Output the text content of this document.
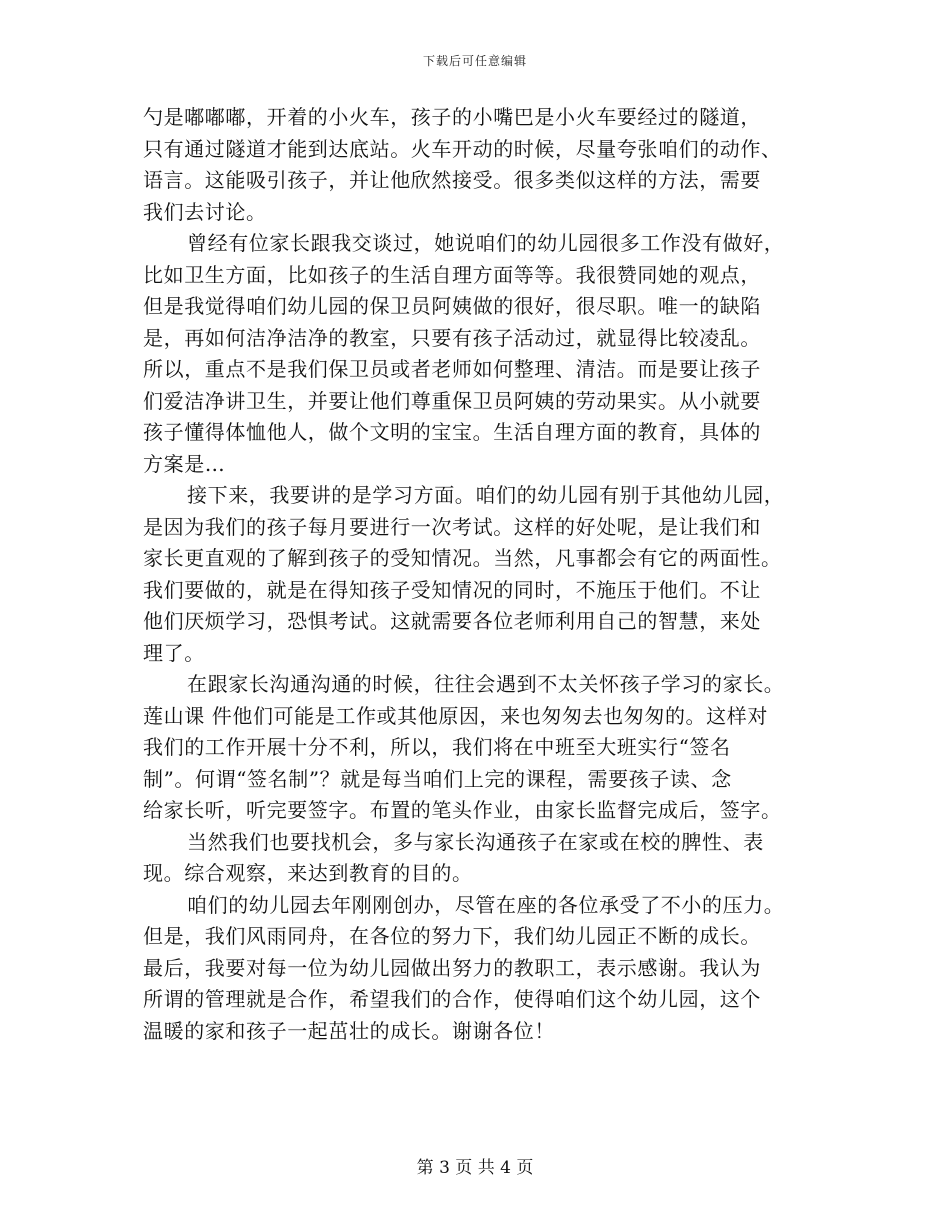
下载后可任意编辑
勺是嘟嘟嘟，开着的小火车，孩子的小嘴巴是小火车要经过的隧道，
只有通过隧道才能到达底站。火车开动的时候，尽量夸张咱们的动作、
语言。这能吸引孩子，并让他欣然接受。很多类似这样的方法，需要
我们去讨论。
曾经有位家长跟我交谈过，她说咱们的幼儿园很多工作没有做好，
比如卫生方面，比如孩子的生活自理方面等等。我很赞同她的观点，
但是我觉得咱们幼儿园的保卫员阿姨做的很好，很尽职。唯一的缺陷
是，再如何洁净洁净的教室，只要有孩子活动过，就显得比较凌乱。
所以，重点不是我们保卫员或者老师如何整理、清洁。而是要让孩子
们爱洁净讲卫生，并要让他们尊重保卫员阿姨的劳动果实。从小就要
孩子懂得体恤他人，做个文明的宝宝。生活自理方面的教育，具体的
方案是…
接下来，我要讲的是学习方面。咱们的幼儿园有别于其他幼儿园，
是因为我们的孩子每月要进行一次考试。这样的好处呢，是让我们和
家长更直观的了解到孩子的受知情况。当然，凡事都会有它的两面性。
我们要做的，就是在得知孩子受知情况的同时，不施压于他们。不让
他们厌烦学习，恐惧考试。这就需要各位老师利用自己的智慧，来处
理了。
在跟家长沟通沟通的时候，往往会遇到不太关怀孩子学习的家长。
莲山课 件他们可能是工作或其他原因，来也匆匆去也匆匆的。这样对
我们的工作开展十分不利，所以，我们将在中班至大班实行“签名
制”。何谓“签名制”？就是每当咱们上完的课程，需要孩子读、念
给家长听，听完要签字。布置的笔头作业，由家长监督完成后，签字。
当然我们也要找机会，多与家长沟通孩子在家或在校的脾性、表
现。综合观察，来达到教育的目的。
咱们的幼儿园去年刚刚创办，尽管在座的各位承受了不小的压力。
但是，我们风雨同舟，在各位的努力下，我们幼儿园正不断的成长。
最后，我要对每一位为幼儿园做出努力的教职工，表示感谢。我认为
所谓的管理就是合作，希望我们的合作，使得咱们这个幼儿园，这个
温暖的家和孩子一起茁壮的成长。谢谢各位！
第 3 页 共 4 页
